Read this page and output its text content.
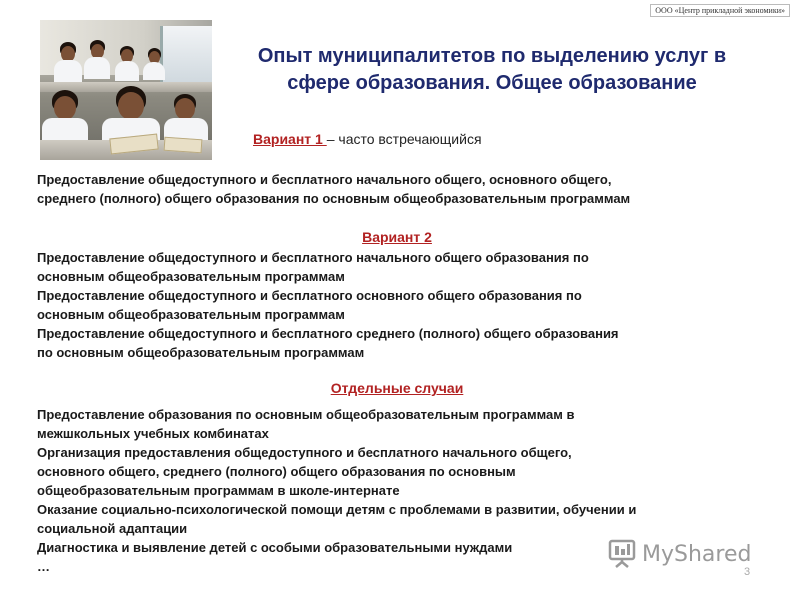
ООО «Центр прикладной экономики»
Опыт муниципалитетов по выделению услуг в
сфере образования. Общее образование
Вариант 1 – часто встречающийся

Предоставление общедоступного и бесплатного начального общего, основного общего,

среднего (полного) общего образования по основным общеобразовательным программам

Вариант 2

Предоставление общедоступного и бесплатного начального общего образования по

основным общеобразовательным программам

Предоставление общедоступного и бесплатного основного общего образования по

основным общеобразовательным программам

Предоставление общедоступного и бесплатного среднего (полного) общего образования

по основным общеобразовательным программам

Отдельные случаи

Предоставление образования по основным общеобразовательным программам в

межшкольных учебных комбинатах

Организация предоставления общедоступного и бесплатного начального общего,

основного общего, среднего (полного) общего образования по основным

общеобразовательным программам в школе-интернате

Оказание социально-психологической помощи детям с проблемами в развитии, обучении и

социальной адаптации

Диагностика и выявление детей с особыми образовательными нуждами

…	MyShared
3
